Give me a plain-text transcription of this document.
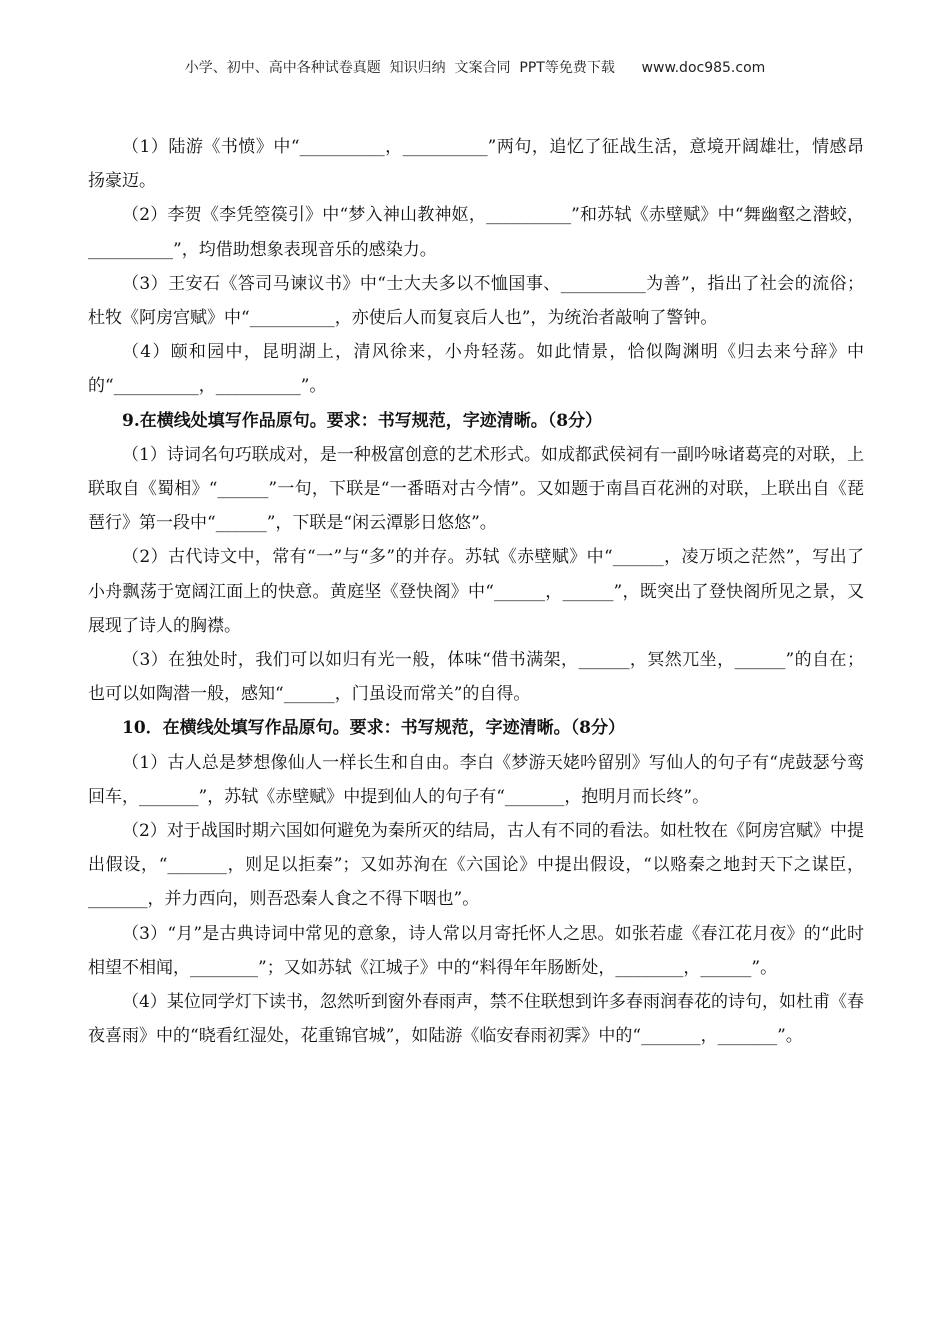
小学、初中、高中各种试卷真题  知识归纳  文案合同  PPT等免费下载      www.doc985.com

（1）陆游《书愤》中“__________，__________”两句，追忆了征战生活，意境开阔雄壮，情感昂扬豪迈。

（2）李贺《李凭箜篌引》中“梦入神山教神妪，__________”和苏轼《赤壁赋》中“舞幽壑之潜蛟，__________”，均借助想象表现音乐的感染力。

（3）王安石《答司马谏议书》中“士大夫多以不恤国事、__________为善”，指出了社会的流俗；杜牧《阿房宫赋》中“__________，亦使后人而复哀后人也”，为统治者敲响了警钟。

（4）颐和园中，昆明湖上，清风徐来，小舟轻荡。如此情景，恰似陶渊明《归去来兮辞》中的“__________，__________”。

9.在横线处填写作品原句。要求：书写规范，字迹清晰。（8分）

（1）诗词名句巧联成对，是一种极富创意的艺术形式。如成都武侯祠有一副吟咏诸葛亮的对联，上联取自《蜀相》“______”一句，下联是“一番晤对古今情”。又如题于南昌百花洲的对联，上联出自《琵琶行》第一段中“______”，下联是“闲云潭影日悠悠”。

（2）古代诗文中，常有“一”与“多”的并存。苏轼《赤壁赋》中“______，凌万顷之茫然”，写出了小舟飘荡于宽阔江面上的快意。黄庭坚《登快阁》中“______，______”，既突出了登快阁所见之景，又展现了诗人的胸襟。

（3）在独处时，我们可以如归有光一般，体味“借书满架，______，冥然兀坐，______”的自在；也可以如陶潜一般，感知“______，门虽设而常关”的自得。

10．在横线处填写作品原句。要求：书写规范，字迹清晰。（8分）

（1）古人总是梦想像仙人一样长生和自由。李白《梦游天姥吟留别》写仙人的句子有“虎鼓瑟兮鸾回车，_______”，苏轼《赤壁赋》中提到仙人的句子有“_______，抱明月而长终”。

（2）对于战国时期六国如何避免为秦所灭的结局，古人有不同的看法。如杜牧在《阿房宫赋》中提出假设，“_______，则足以拒秦”；又如苏洵在《六国论》中提出假设，“以赂秦之地封天下之谋臣，_______，并力西向，则吾恐秦人食之不得下咽也”。

（3）“月”是古典诗词中常见的意象，诗人常以月寄托怀人之思。如张若虚《春江花月夜》的“此时相望不相闻，________”；又如苏轼《江城子》中的“料得年年肠断处，________，______”。

（4）某位同学灯下读书，忽然听到窗外春雨声，禁不住联想到许多春雨润春花的诗句，如杜甫《春夜喜雨》中的“晓看红湿处，花重锦官城”，如陆游《临安春雨初霁》中的“_______，_______”。
